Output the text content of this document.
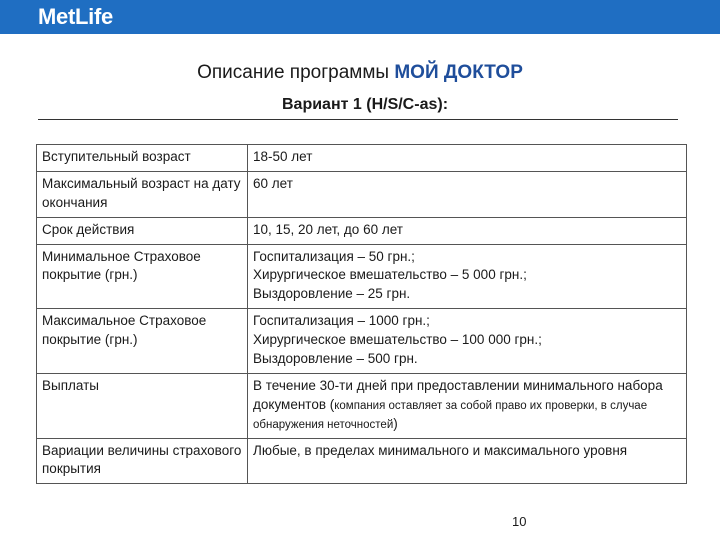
MetLife
Описание программы МОЙ ДОКТОР
Вариант 1 (H/S/C-as):
Вступительный возраст	18-50 лет

Максимальный возраст на дату окончания	60 лет

Срок действия	10, 15, 20 лет, до 60 лет

Минимальное Страховое покрытие (грн.)	Госпитализация – 50 грн.;
Хирургическое вмешательство – 5 000 грн.;
Выздоровление – 25 грн.

Максимальное Страховое покрытие (грн.)	Госпитализация – 1000 грн.;
Хирургическое вмешательство – 100 000 грн.;
Выздоровление – 500 грн.

Выплаты	В течение 30-ти дней при предоставлении минимального набора документов (компания оставляет за собой право их проверки, в случае обнаружения неточностей)
Вариации величины страхового покрытия	Любые, в пределах минимального и максимального уровня
10
